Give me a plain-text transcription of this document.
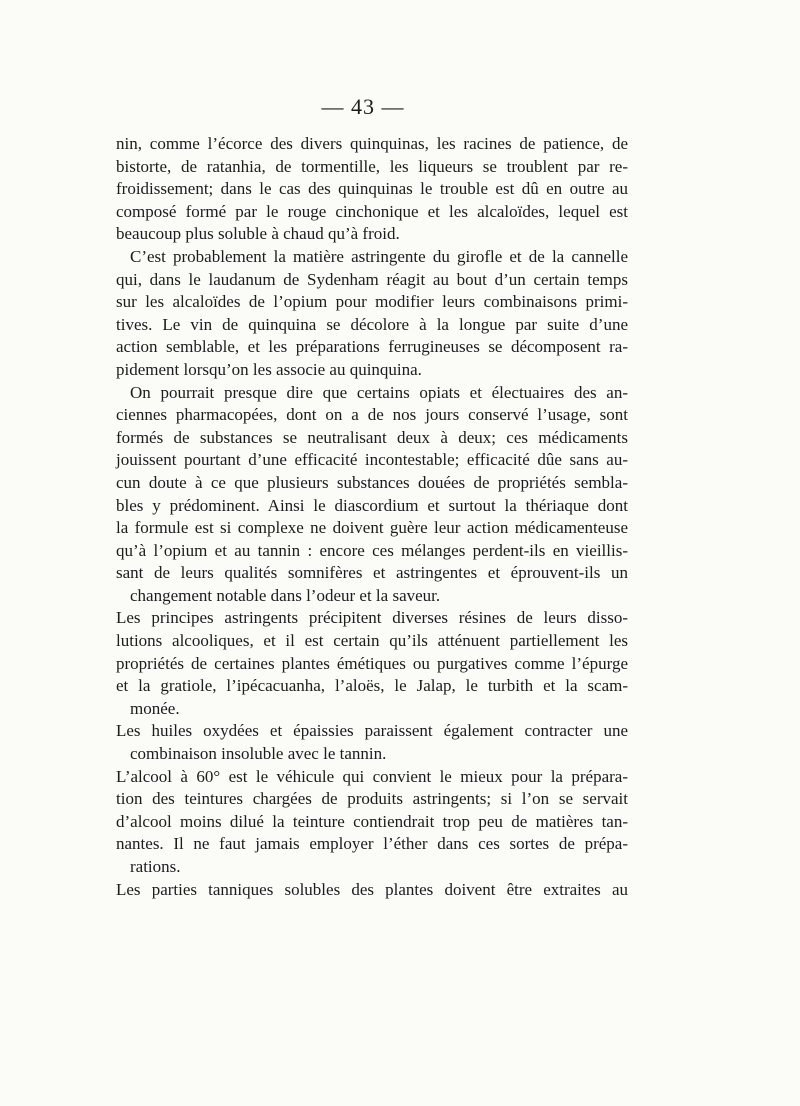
— 43 —
nin, comme l’écorce des divers quinquinas, les racines de patience, de
bistorte, de ratanhia, de tormentille, les liqueurs se troublent par re-
froidissement; dans le cas des quinquinas le trouble est dû en outre au
composé formé par le rouge cinchonique et les alcaloïdes, lequel est
beaucoup plus soluble à chaud qu’à froid.
C’est probablement la matière astringente du girofle et de la cannelle
qui, dans le laudanum de Sydenham réagit au bout d’un certain temps
sur les alcaloïdes de l’opium pour modifier leurs combinaisons primi-
tives. Le vin de quinquina se décolore à la longue par suite d’une
action semblable, et les préparations ferrugineuses se décomposent ra-
pidement lorsqu’on les associe au quinquina.
On pourrait presque dire que certains opiats et électuaires des an-
ciennes pharmacopées, dont on a de nos jours conservé l’usage, sont
formés de substances se neutralisant deux à deux; ces médicaments
jouissent pourtant d’une efficacité incontestable; efficacité dûe sans au-
cun doute à ce que plusieurs substances douées de propriétés sembla-
bles y prédominent. Ainsi le diascordium et surtout la thériaque dont
la formule est si complexe ne doivent guère leur action médicamenteuse
qu’à l’opium et au tannin : encore ces mélanges perdent-ils en vieillis-
sant de leurs qualités somnifères et astringentes et éprouvent-ils un
changement notable dans l’odeur et la saveur.
Les principes astringents précipitent diverses résines de leurs disso-
lutions alcooliques, et il est certain qu’ils atténuent partiellement les
propriétés de certaines plantes émétiques ou purgatives comme l’épurge
et la gratiole, l’ipécacuanha, l’aloës, le Jalap, le turbith et la scam-
monée.
Les huiles oxydées et épaissies paraissent également contracter une
combinaison insoluble avec le tannin.
L’alcool à 60° est le véhicule qui convient le mieux pour la prépara-
tion des teintures chargées de produits astringents; si l’on se servait
d’alcool moins dilué la teinture contiendrait trop peu de matières tan-
nantes. Il ne faut jamais employer l’éther dans ces sortes de prépa-
rations.
Les parties tanniques solubles des plantes doivent être extraites au
